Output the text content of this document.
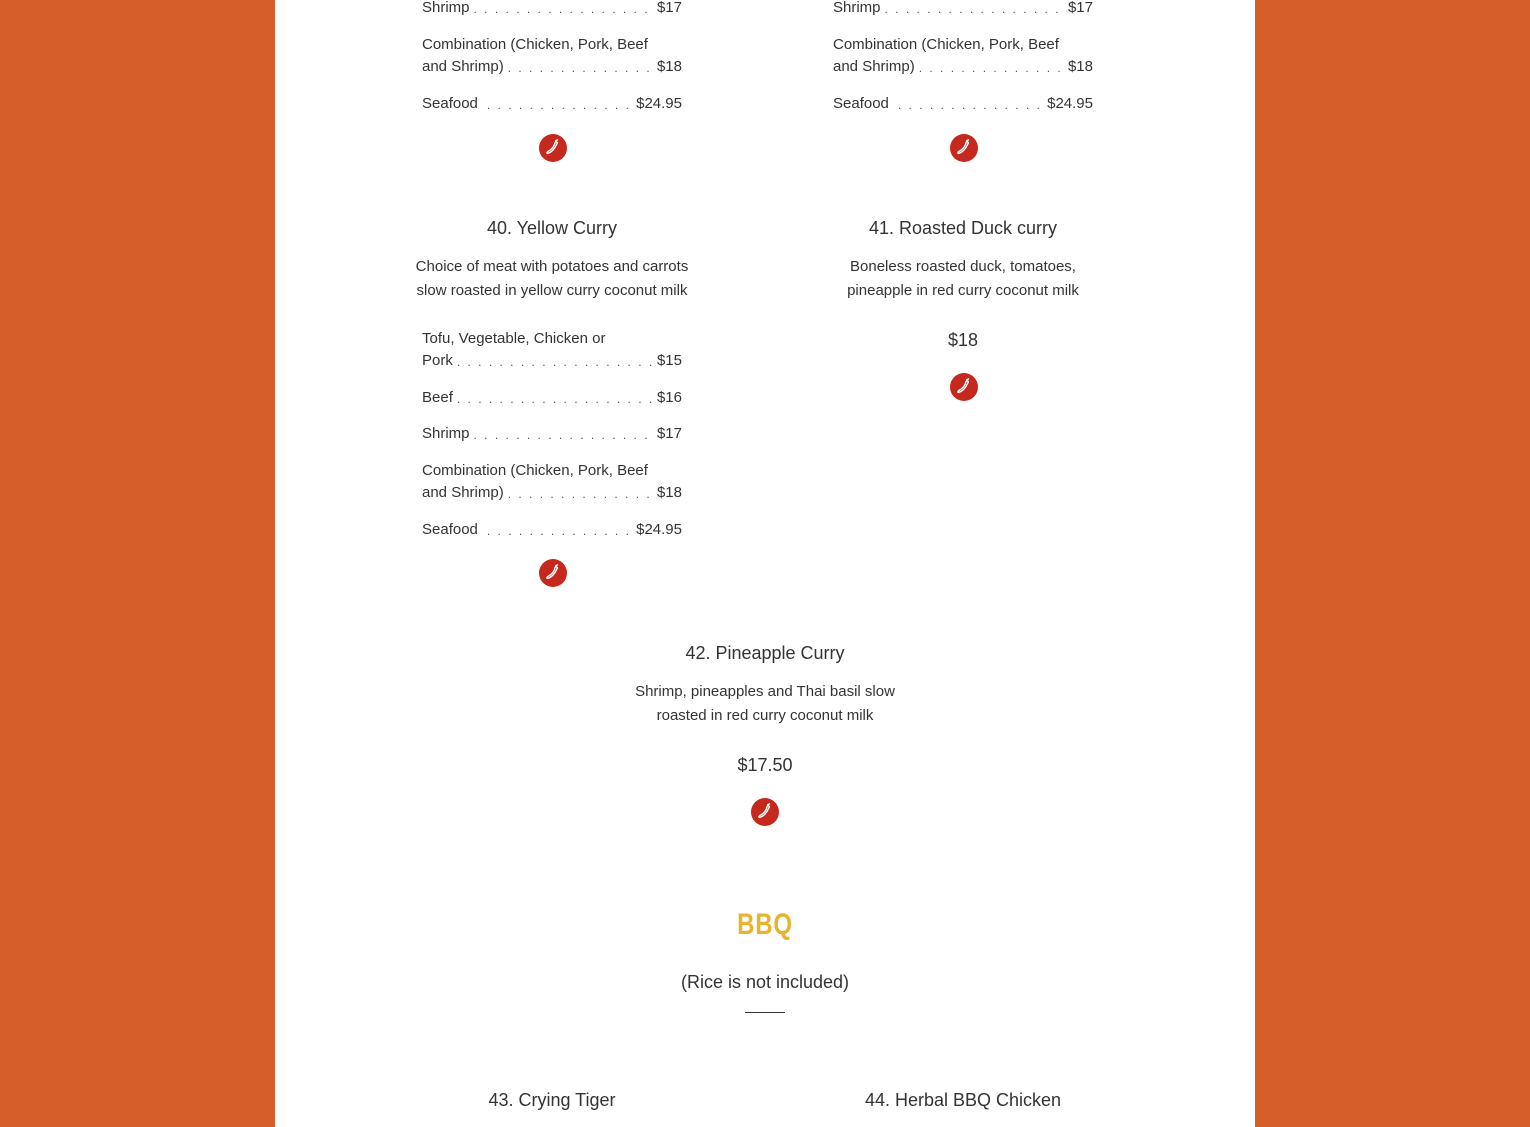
Shrimp . . .	$17
Combination (Chicken, Pork, Beef
and Shrimp) . . .	$18
Seafood . . .	$24.95
Shrimp . . .	$17
Combination (Chicken, Pork, Beef
and Shrimp) . . .	$18
Seafood . . .	$24.95
40. Yellow Curry
Choice of meat with potatoes and carrots
slow roasted in yellow curry coconut milk
Tofu, Vegetable, Chicken or
Pork . . .	$15
Beef . . .	$16
Shrimp . . .	$17
Combination (Chicken, Pork, Beef
and Shrimp) . . .	$18
Seafood . . .	$24.95
41. Roasted Duck curry
Boneless roasted duck, tomatoes,
pineapple in red curry coconut milk
$18
42. Pineapple Curry
Shrimp, pineapples and Thai basil slow
roasted in red curry coconut milk
$17.50
BBQ
(Rice is not included)
43. Crying Tiger	44. Herbal BBQ Chicken
